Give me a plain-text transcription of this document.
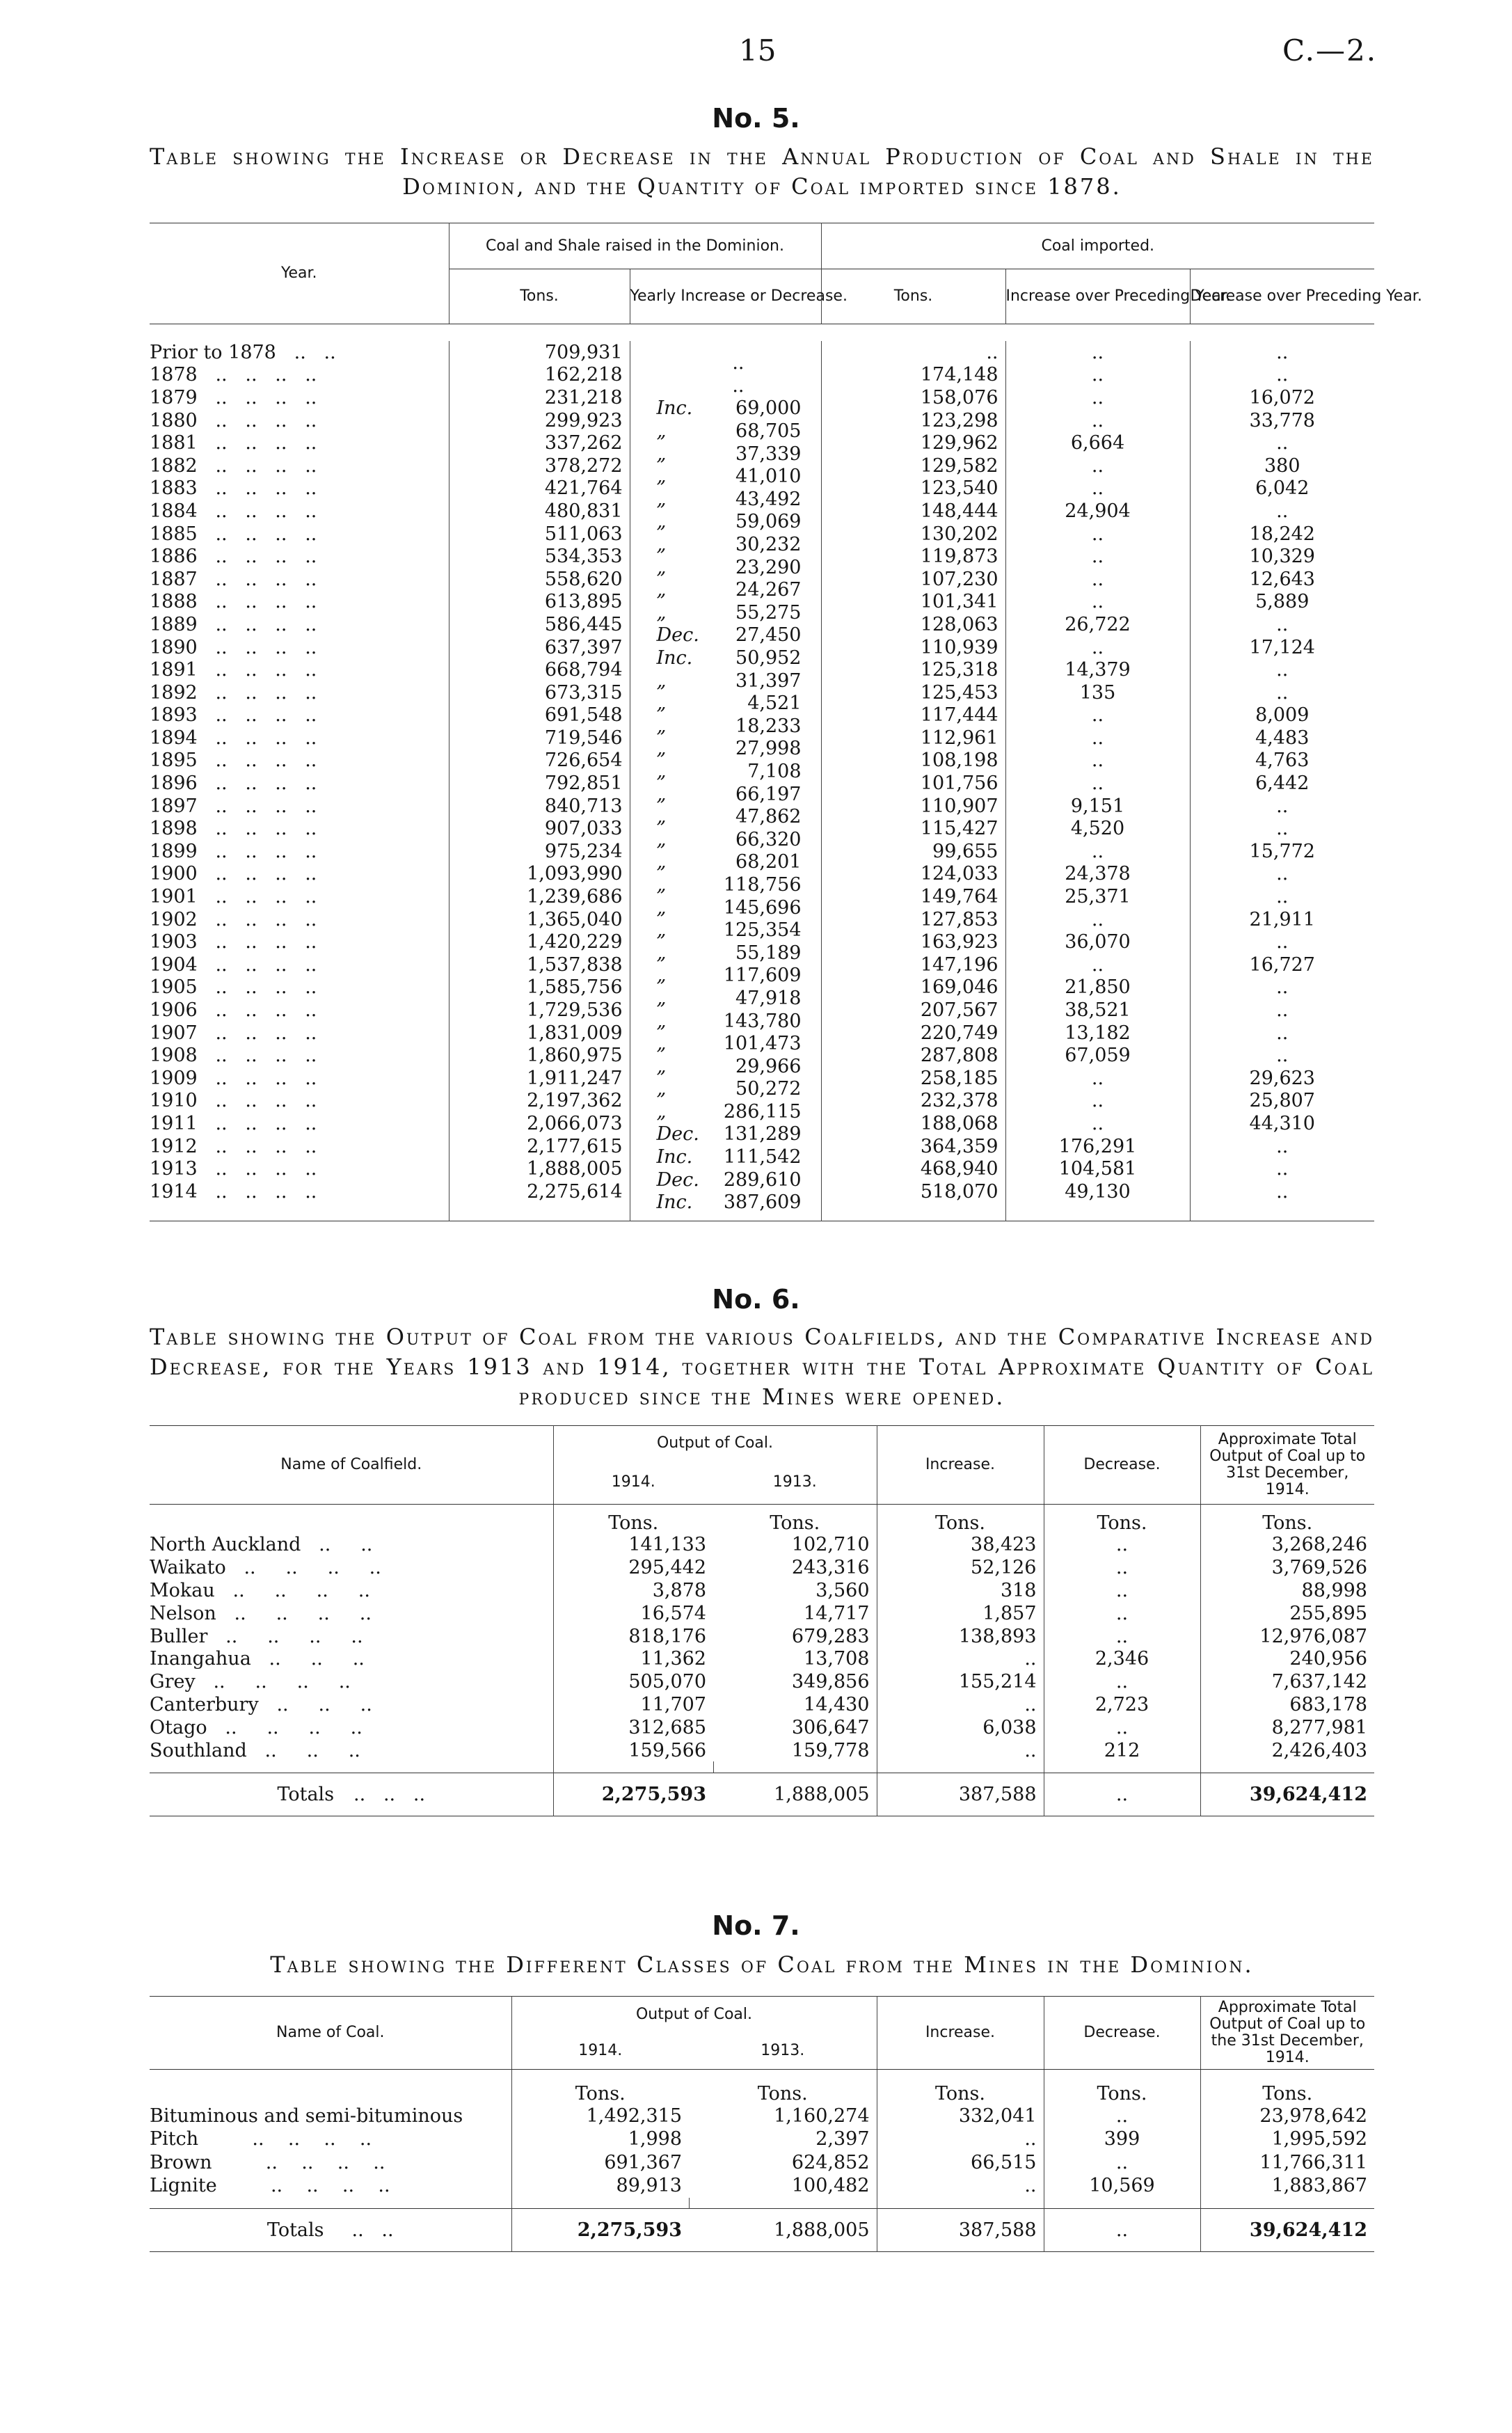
15	C.—2.
No. 5.
Table showing the Increase or Decrease in the Annual Production of Coal and Shale in the Dominion, and the Quantity of Coal imported since 1878.
Year.	Coal and Shale raised in the Dominion.		Coal imported.		
	Tons.	Yearly Increase or Decrease.	Tons.	Increase over Preceding Year.	Decrease over Preceding Year.

Prior to 1878   ..   ..	709,931	..	..	..	..
1878   ..   ..   ..   ..	162,218	..	174,148	..	..
1879   ..   ..   ..   ..	231,218	Inc. 69,000	158,076	..	16,072
1880   ..   ..   ..   ..	299,923	„ 68,705	123,298	..	33,778
1881   ..   ..   ..   ..	337,262	„ 37,339	129,962	6,664	..
1882   ..   ..   ..   ..	378,272	„ 41,010	129,582	..	380
1883   ..   ..   ..   ..	421,764	„ 43,492	123,540	..	6,042
1884   ..   ..   ..   ..	480,831	„ 59,069	148,444	24,904	..
1885   ..   ..   ..   ..	511,063	„ 30,232	130,202	..	18,242
1886   ..   ..   ..   ..	534,353	„ 23,290	119,873	..	10,329
1887   ..   ..   ..   ..	558,620	„ 24,267	107,230	..	12,643
1888   ..   ..   ..   ..	613,895	„ 55,275	101,341	..	5,889
1889   ..   ..   ..   ..	586,445	Dec. 27,450	128,063	26,722	..
1890   ..   ..   ..   ..	637,397	Inc. 50,952	110,939	..	17,124
1891   ..   ..   ..   ..	668,794	„ 31,397	125,318	14,379	..
1892   ..   ..   ..   ..	673,315	„ 4,521	125,453	135	..
1893   ..   ..   ..   ..	691,548	„ 18,233	117,444	..	8,009
1894   ..   ..   ..   ..	719,546	„ 27,998	112,961	..	4,483
1895   ..   ..   ..   ..	726,654	„ 7,108	108,198	..	4,763
1896   ..   ..   ..   ..	792,851	„ 66,197	101,756	..	6,442
1897   ..   ..   ..   ..	840,713	„ 47,862	110,907	9,151	..
1898   ..   ..   ..   ..	907,033	„ 66,320	115,427	4,520	..
1899   ..   ..   ..   ..	975,234	„ 68,201	99,655	..	15,772
1900   ..   ..   ..   ..	1,093,990	„ 118,756	124,033	24,378	..
1901   ..   ..   ..   ..	1,239,686	„ 145,696	149,764	25,371	..
1902   ..   ..   ..   ..	1,365,040	„ 125,354	127,853	..	21,911
1903   ..   ..   ..   ..	1,420,229	„ 55,189	163,923	36,070	..
1904   ..   ..   ..   ..	1,537,838	„ 117,609	147,196	..	16,727
1905   ..   ..   ..   ..	1,585,756	„ 47,918	169,046	21,850	..
1906   ..   ..   ..   ..	1,729,536	„ 143,780	207,567	38,521	..
1907   ..   ..   ..   ..	1,831,009	„ 101,473	220,749	13,182	..
1908   ..   ..   ..   ..	1,860,975	„ 29,966	287,808	67,059	..
1909   ..   ..   ..   ..	1,911,247	„ 50,272	258,185	..	29,623
1910   ..   ..   ..   ..	2,197,362	„ 286,115	232,378	..	25,807
1911   ..   ..   ..   ..	2,066,073	Dec. 131,289	188,068	..	44,310
1912   ..   ..   ..   ..	2,177,615	Inc. 111,542	364,359	176,291	..
1913   ..   ..   ..   ..	1,888,005	Dec. 289,610	468,940	104,581	..
1914   ..   ..   ..   ..	2,275,614	Inc. 387,609	518,070	49,130	..

No. 6.
Table showing the Output of Coal from the various Coalfields, and the Comparative Increase and Decrease, for the Years 1913 and 1914, together with the Total Approximate Quantity of Coal produced since the Mines were opened.
Name of Coalfield.	Output of Coal.		Increase.	Decrease.	Approximate Total Output of Coal up to 31st December, 1914.
	1914.	1913.			
	Tons.	Tons.	Tons.	Tons.	Tons.
North Auckland   ..     ..	141,133	102,710	38,423	..	3,268,246
Waikato   ..     ..     ..     ..	295,442	243,316	52,126	..	3,769,526
Mokau   ..     ..     ..     ..	3,878	3,560	318	..	88,998
Nelson   ..     ..     ..     ..	16,574	14,717	1,857	..	255,895
Buller   ..     ..     ..     ..	818,176	679,283	138,893	..	12,976,087
Inangahua   ..     ..     ..	11,362	13,708	..	2,346	240,956
Grey   ..     ..     ..     ..	505,070	349,856	155,214	..	7,637,142
Canterbury   ..     ..     ..	11,707	14,430	..	2,723	683,178
Otago   ..     ..     ..     ..	312,685	306,647	6,038	..	8,277,981
Southland   ..     ..     ..	159,566	159,778	..	212	2,426,403

Totals ..   ..   ..	2,275,593	1,888,005	387,588	..	39,624,412
No. 7.
Table showing the Different Classes of Coal from the Mines in the Dominion.
Name of Coal.	Output of Coal.		Increase.	Decrease.	Approximate Total Output of Coal up to the 31st December, 1914.
	1914.	1913.			
	Tons.	Tons.	Tons.	Tons.	Tons.
Bituminous and semi-bituminous	1,492,315	1,160,274	332,041	..	23,978,642
Pitch         ..    ..    ..    ..	1,998	2,397	..	399	1,995,592
Brown         ..    ..    ..    ..	691,367	624,852	66,515	..	11,766,311
Lignite         ..    ..    ..    ..	89,913	100,482	..	10,569	1,883,867

Totals ..   ..	2,275,593	1,888,005	387,588	..	39,624,412
